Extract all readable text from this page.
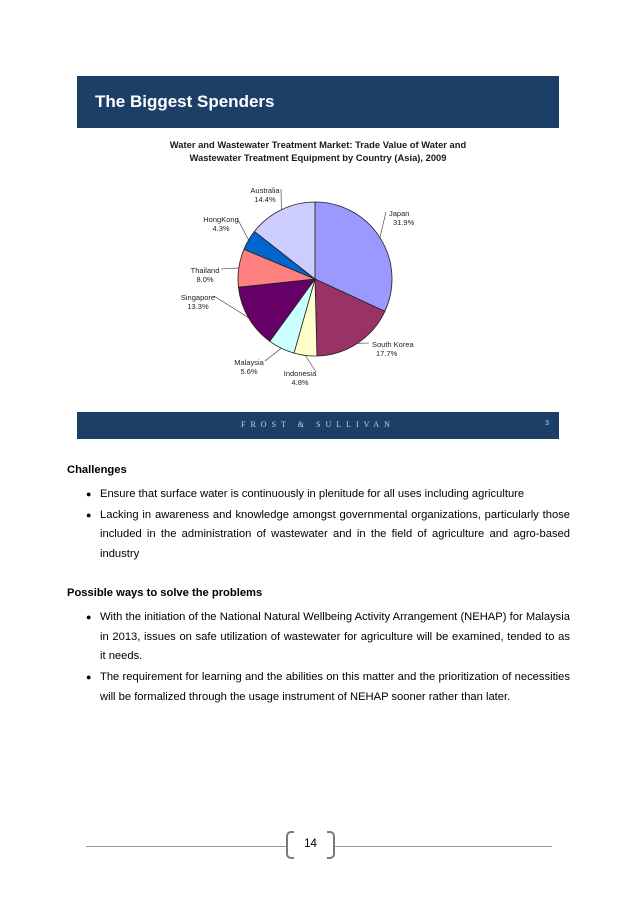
The Biggest Spenders
Water and Wastewater Treatment Market: Trade Value of Water and
Wastewater Treatment Equipment by Country (Asia), 2009
Japan
31.9%
South Korea
17.7%
Indonesia
4.8%
Malaysia
5.6%
Singapore
13.3%
Thailand
8.0%
HongKong
4.3%
Australia
14.4%
FROST & SULLIVAN	3
Challenges
● Ensure that surface water is continuously in plenitude for all uses including agriculture
● Lacking in awareness and knowledge amongst governmental organizations, particularly those included in the administration of wastewater and in the field of agriculture and agro-based industry
Possible ways to solve the problems
● With the initiation of the National Natural Wellbeing Activity Arrangement (NEHAP) for Malaysia in 2013, issues on safe utilization of wastewater for agriculture will be examined, tended to as it needs.
● The requirement for learning and the abilities on this matter and the prioritization of necessities will be formalized through the usage instrument of NEHAP sooner rather than later.
14
